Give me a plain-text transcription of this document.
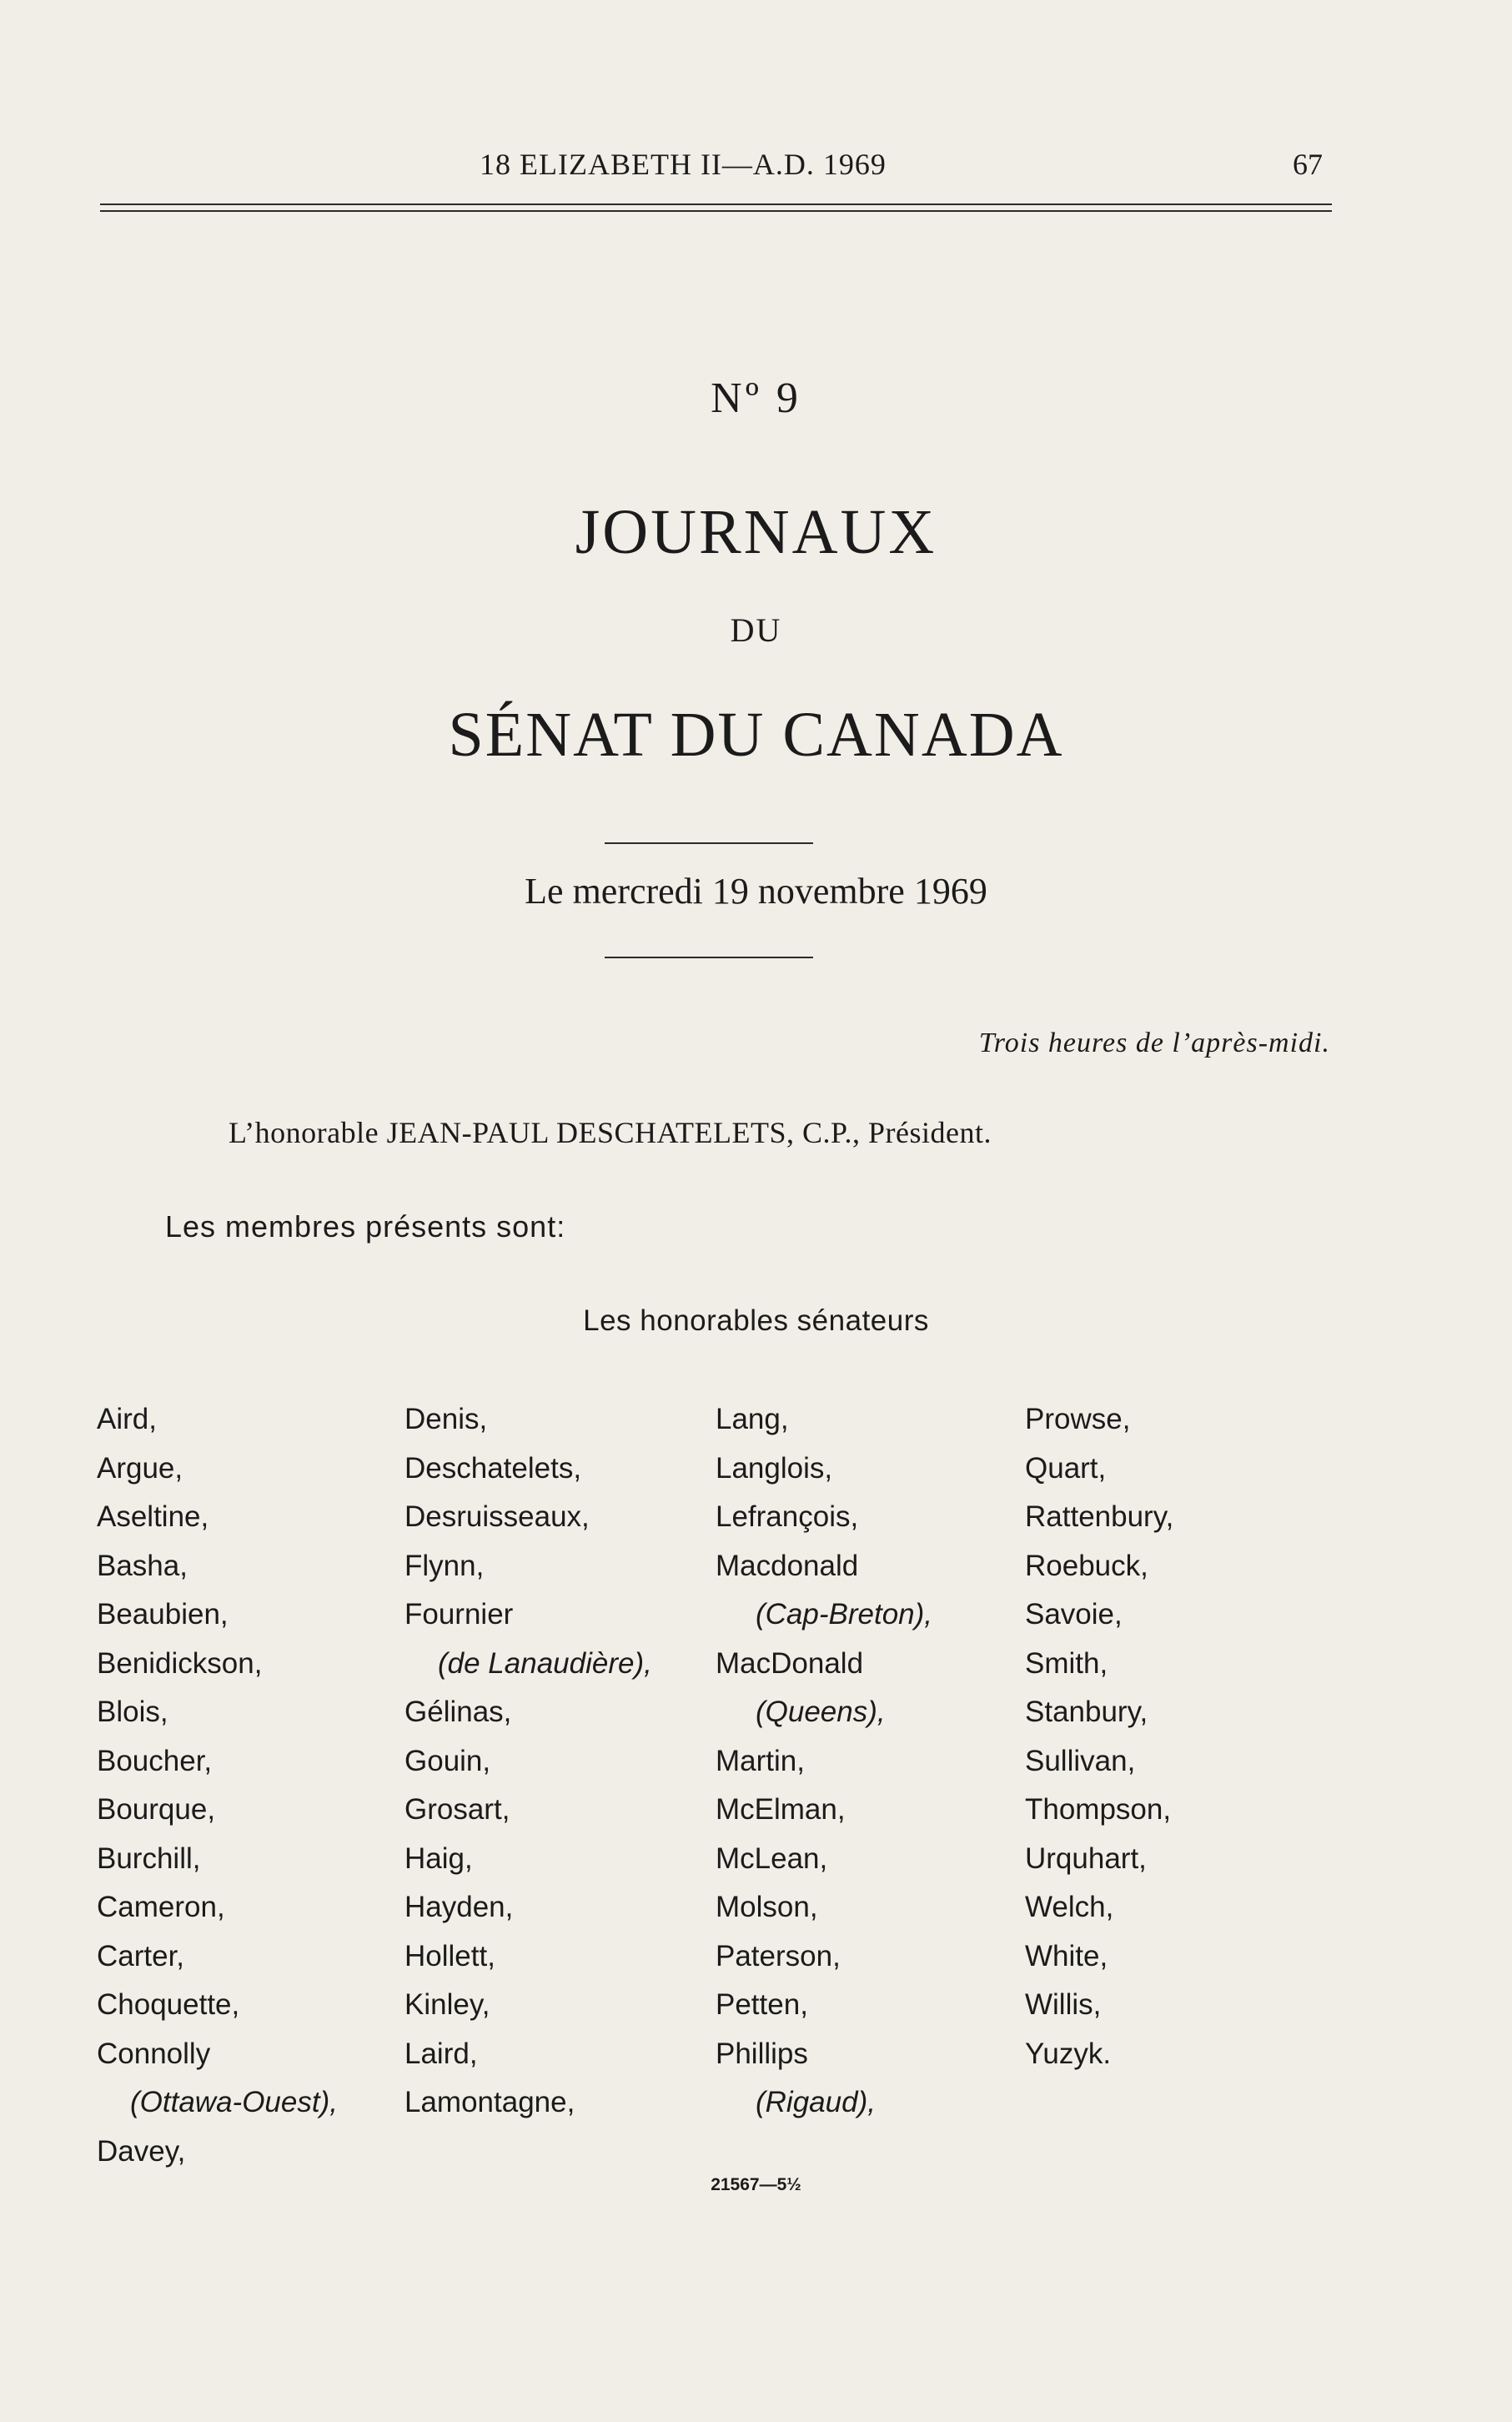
18 ELIZABETH II—A.D. 1969	67
Nº 9
JOURNAUX
DU
SÉNAT DU CANADA
Le mercredi 19 novembre 1969
Trois heures de l’après-midi.
L’honorable JEAN-PAUL DESCHATELETS, C.P., Président.
Les membres présents sont:
Les honorables sénateurs
Aird,
Argue,
Aseltine,
Basha,
Beaubien,
Benidickson,
Blois,
Boucher,
Bourque,
Burchill,
Cameron,
Carter,
Choquette,
Connolly
(Ottawa-Ouest),
Davey,
Denis,
Deschatelets,
Desruisseaux,
Flynn,
Fournier
(de Lanaudière),
Gélinas,
Gouin,
Grosart,
Haig,
Hayden,
Hollett,
Kinley,
Laird,
Lamontagne,
Lang,
Langlois,
Lefrançois,
Macdonald
(Cap-Breton),
MacDonald
(Queens),
Martin,
McElman,
McLean,
Molson,
Paterson,
Petten,
Phillips
(Rigaud),
Prowse,
Quart,
Rattenbury,
Roebuck,
Savoie,
Smith,
Stanbury,
Sullivan,
Thompson,
Urquhart,
Welch,
White,
Willis,
Yuzyk.
21567—5½
